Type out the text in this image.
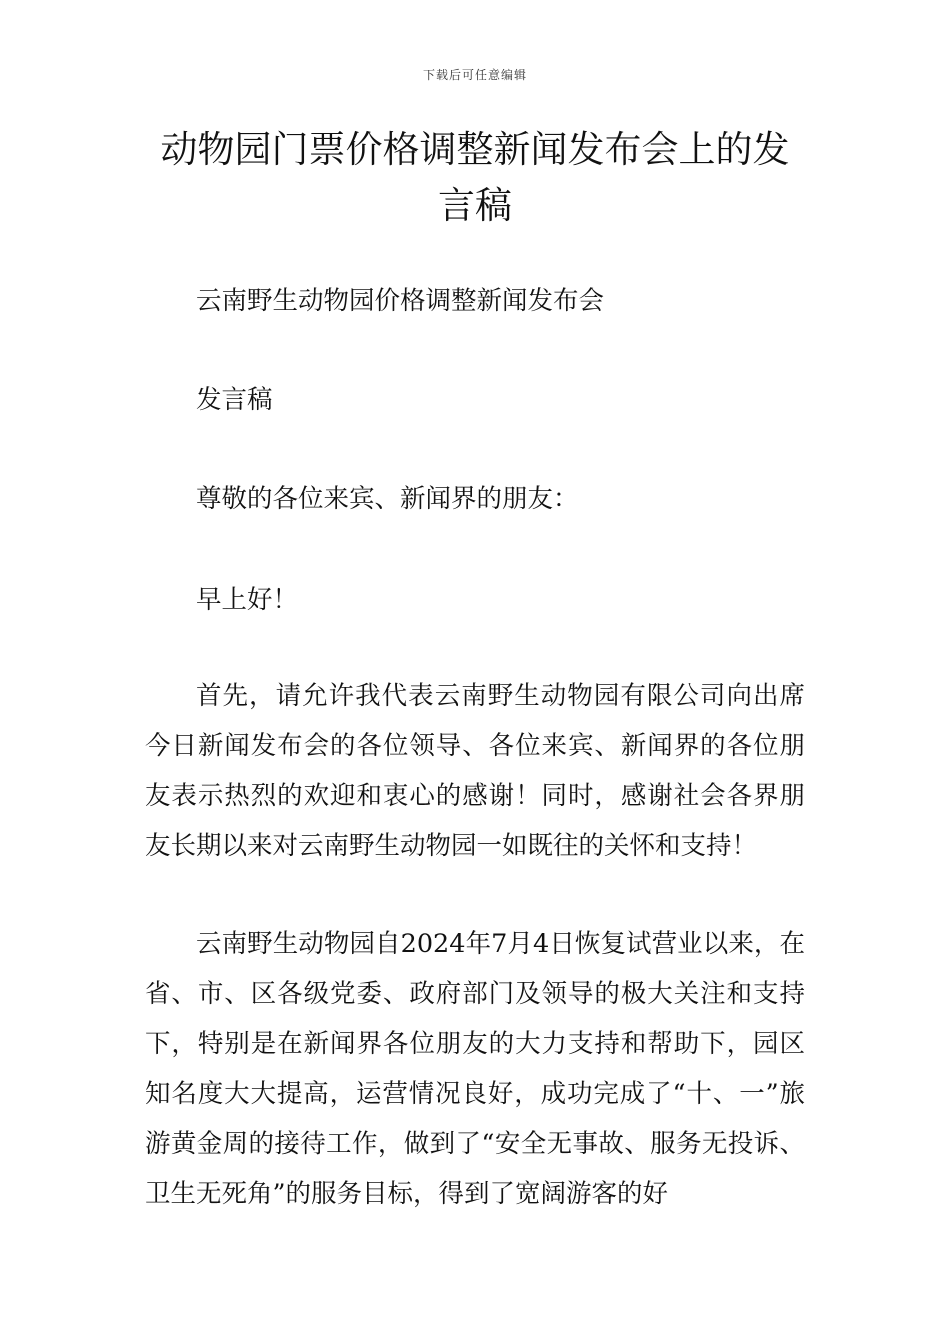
下载后可任意编辑
动物园门票价格调整新闻发布会上的发言稿

云南野生动物园价格调整新闻发布会

发言稿

尊敬的各位来宾、新闻界的朋友：

早上好！

首先，请允许我代表云南野生动物园有限公司向出席今日新闻发布会的各位领导、各位来宾、新闻界的各位朋友表示热烈的欢迎和衷心的感谢！同时，感谢社会各界朋友长期以来对云南野生动物园一如既往的关怀和支持！

云南野生动物园自2024年7月4日恢复试营业以来，在省、市、区各级党委、政府部门及领导的极大关注和支持下，特别是在新闻界各位朋友的大力支持和帮助下，园区知名度大大提高，运营情况良好，成功完成了“十、一”旅游黄金周的接待工作，做到了“安全无事故、服务无投诉、卫生无死角”的服务目标，得到了宽阔游客的好
